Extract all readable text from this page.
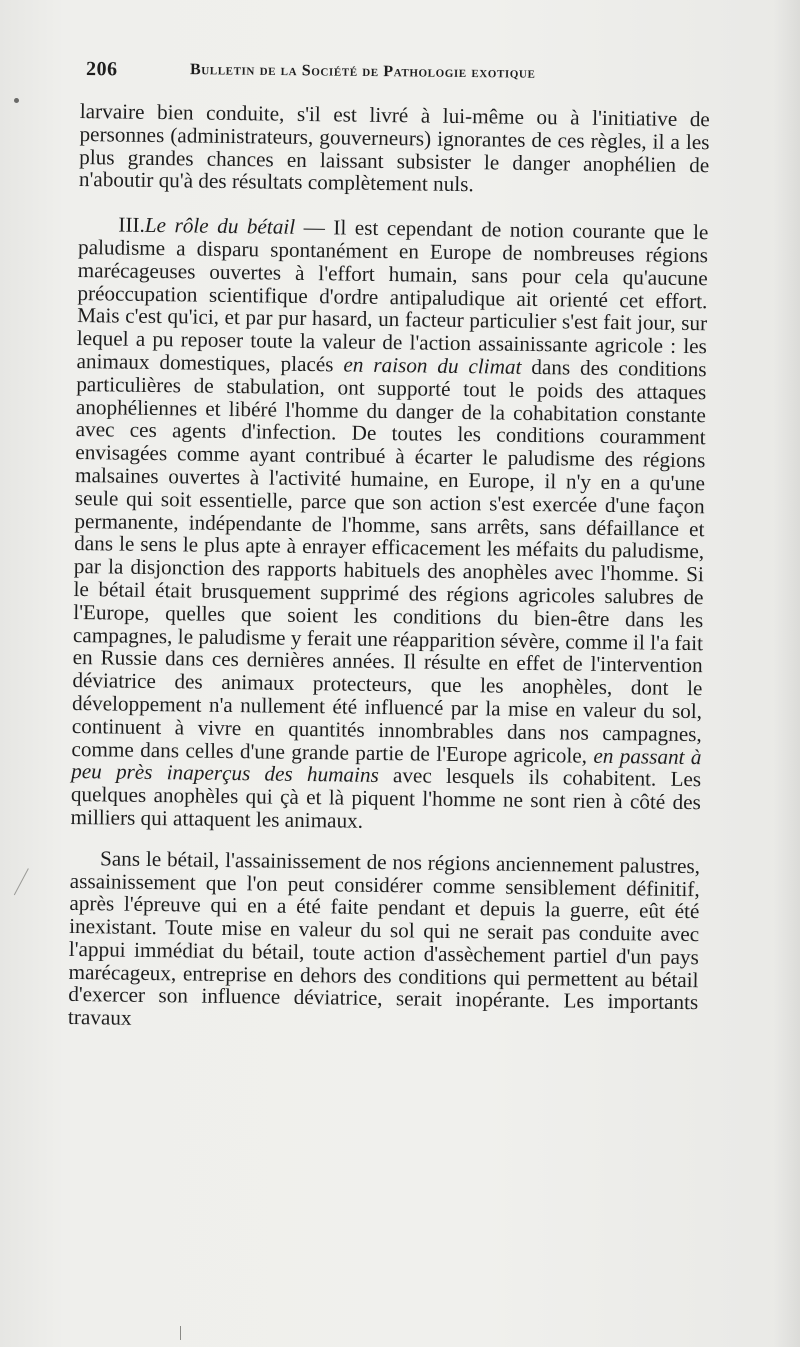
206	Bulletin de la Société de Pathologie exotique

larvaire bien conduite, s'il est livré à lui-même ou à l'initiative de personnes (administrateurs, gouverneurs) ignorantes de ces règles, il a les plus grandes chances en laissant subsister le danger anophélien de n'aboutir qu'à des résultats complètement nuls.

III.Le rôle du bétail — Il est cependant de notion courante que le paludisme a disparu spontanément en Europe de nombreuses régions marécageuses ouvertes à l'effort humain, sans pour cela qu'aucune préoccupation scientifique d'ordre antipaludique ait orienté cet effort. Mais c'est qu'ici, et par pur hasard, un facteur particulier s'est fait jour, sur lequel a pu reposer toute la valeur de l'action assainissante agricole : les animaux domestiques, placés en raison du climat dans des conditions particulières de stabulation, ont supporté tout le poids des attaques anophéliennes et libéré l'homme du danger de la cohabitation constante avec ces agents d'infection. De toutes les conditions couramment envisagées comme ayant contribué à écarter le paludisme des régions malsaines ouvertes à l'activité humaine, en Europe, il n'y en a qu'une seule qui soit essentielle, parce que son action s'est exercée d'une façon permanente, indépendante de l'homme, sans arrêts, sans défaillance et dans le sens le plus apte à enrayer efficacement les méfaits du paludisme, par la disjonction des rapports habituels des anophèles avec l'homme. Si le bétail était brusquement supprimé des régions agricoles salubres de l'Europe, quelles que soient les conditions du bien-être dans les campagnes, le paludisme y ferait une réapparition sévère, comme il l'a fait en Russie dans ces dernières années. Il résulte en effet de l'intervention déviatrice des animaux protecteurs, que les anophèles, dont le développement n'a nullement été influencé par la mise en valeur du sol, continuent à vivre en quantités innombrables dans nos campagnes, comme dans celles d'une grande partie de l'Europe agricole, en passant à peu près inaperçus des humains avec lesquels ils cohabitent. Les quelques anophèles qui çà et là piquent l'homme ne sont rien à côté des milliers qui attaquent les animaux.

Sans le bétail, l'assainissement de nos régions anciennement palustres, assainissement que l'on peut considérer comme sensiblement définitif, après l'épreuve qui en a été faite pendant et depuis la guerre, eût été inexistant. Toute mise en valeur du sol qui ne serait pas conduite avec l'appui immédiat du bétail, toute action d'assèchement partiel d'un pays marécageux, entreprise en dehors des conditions qui permettent au bétail d'exercer son influence déviatrice, serait inopérante. Les importants travaux
